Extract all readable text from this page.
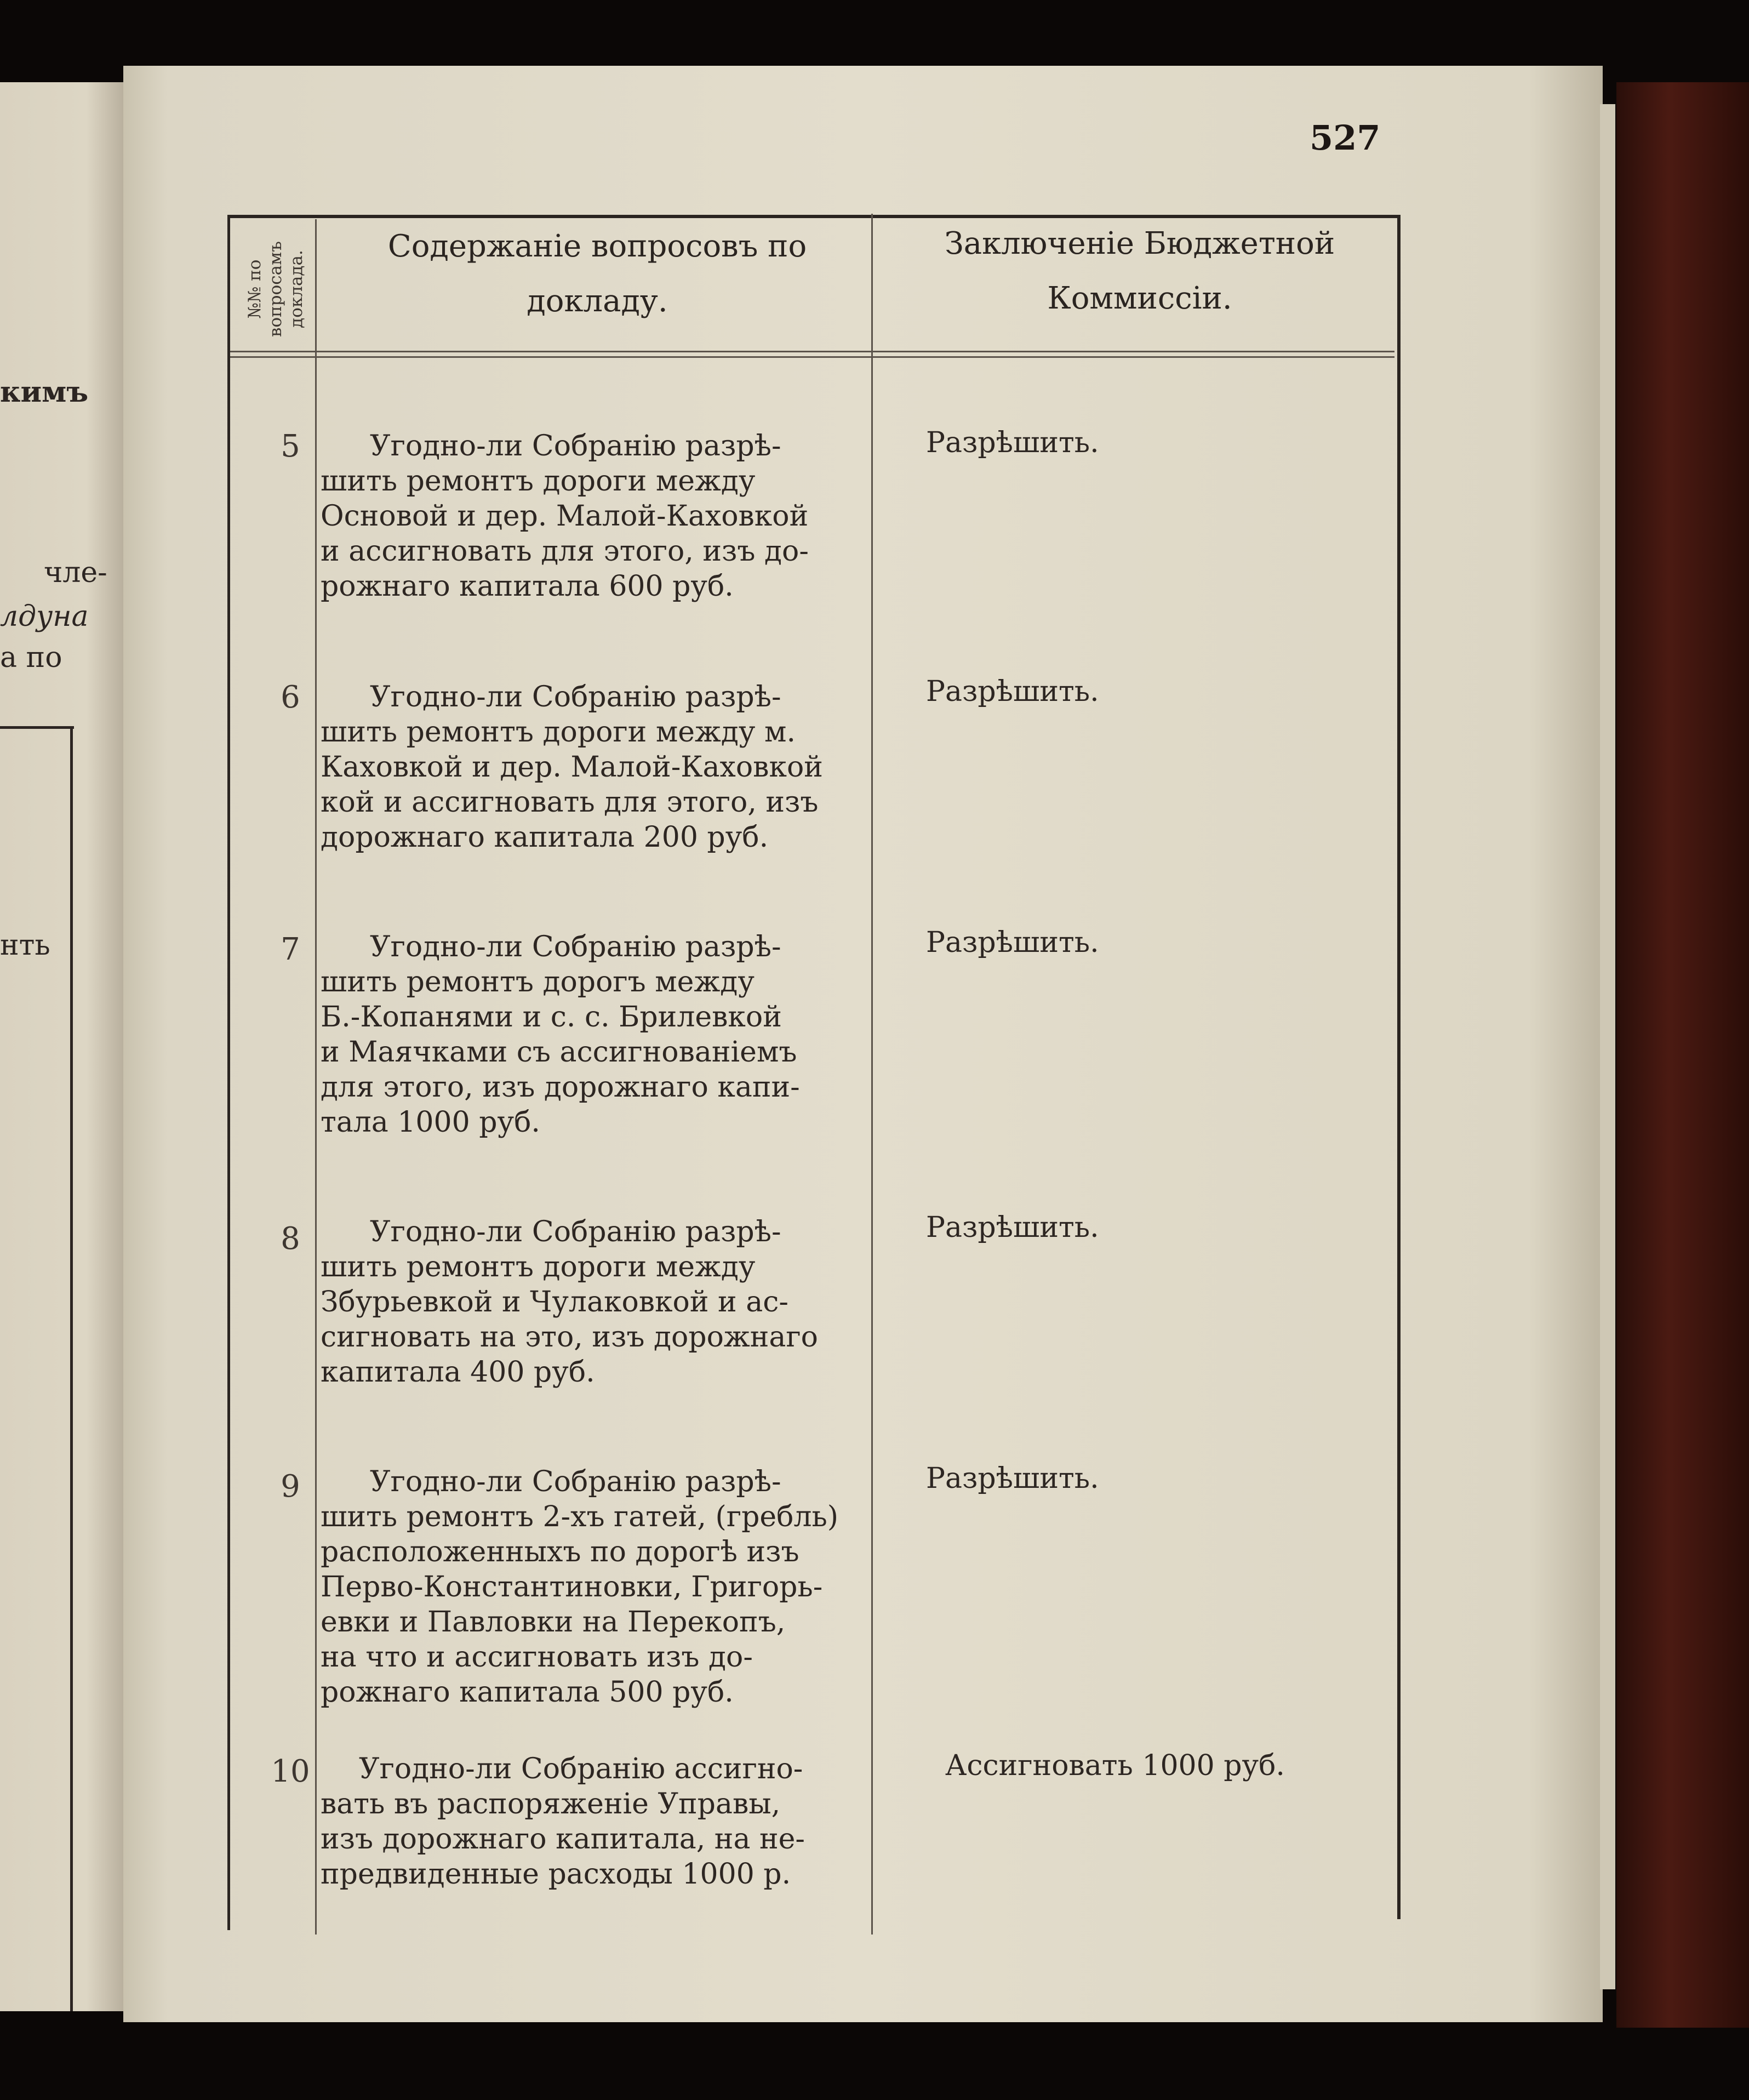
кимъ
чле-
лдуна
а по
нть
527
№№ по вопросамъ доклада.
Содержаніе вопросовъ по
докладу.
Заключеніе Бюджетной
Коммиссіи.
5	Угодно-ли Собранію разрѣ-
шить ремонтъ дороги между
Основой и дер. Малой-Каховкой
и ассигновать для этого, изъ до-
рожнаго капитала 600 руб.
Разрѣшить.
6	Угодно-ли Собранію разрѣ-
шить ремонтъ дороги между м.
Каховкой и дер. Малой-Каховкой
кой и ассигновать для этого, изъ
дорожнаго капитала 200 руб.
Разрѣшить.
7	Угодно-ли Собранію разрѣ-
шить ремонтъ дорогъ между
Б.-Копанями и с. с. Брилевкой
и Маячками съ ассигнованіемъ
для этого, изъ дорожнаго капи-
тала 1000 руб.
Разрѣшить.
8	Угодно-ли Собранію разрѣ-
шить ремонтъ дороги между
Збурьевкой и Чулаковкой и ас-
сигновать на это, изъ дорожнаго
капитала 400 руб.
Разрѣшить.
9	Угодно-ли Собранію разрѣ-
шить ремонтъ 2-хъ гатей, (гребль)
расположенныхъ по дорогѣ изъ
Перво-Константиновки, Григорь-
евки и Павловки на Перекопъ,
на что и ассигновать изъ до-
рожнаго капитала 500 руб.
Разрѣшить.
10	Угодно-ли Собранію ассигно-
вать въ распоряженіе Управы,
изъ дорожнаго капитала, на не-
предвиденные расходы 1000 р.
Ассигновать 1000 руб.
